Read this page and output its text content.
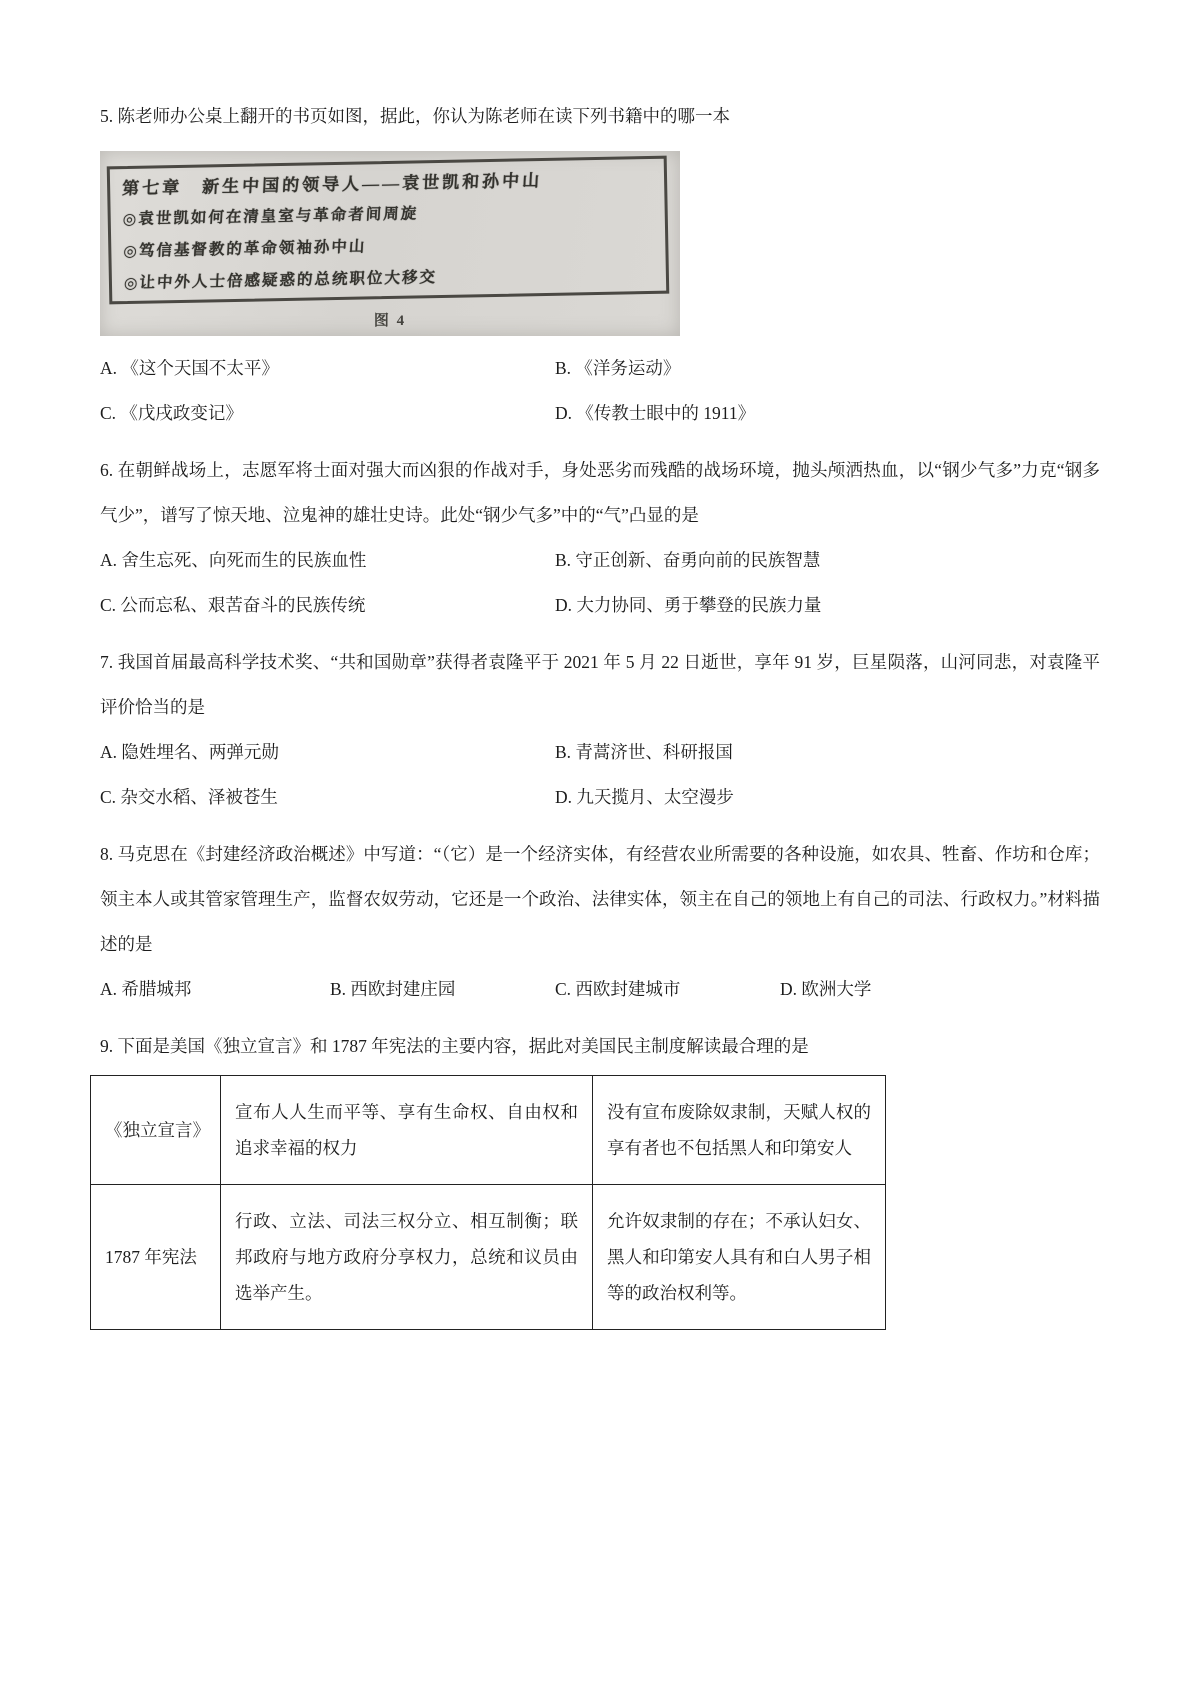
5. 陈老师办公桌上翻开的书页如图，据此，你认为陈老师在读下列书籍中的哪一本
第七章　新生中国的领导人——袁世凯和孙中山
◎袁世凯如何在清皇室与革命者间周旋
◎笃信基督教的革命领袖孙中山
◎让中外人士倍感疑惑的总统职位大移交
图 4
A. 《这个天国不太平》	B. 《洋务运动》
C. 《戊戌政变记》	D. 《传教士眼中的 1911》
6. 在朝鲜战场上，志愿军将士面对强大而凶狠的作战对手，身处恶劣而残酷的战场环境，抛头颅洒热血，以“钢少气多”力克“钢多气少”，谱写了惊天地、泣鬼神的雄壮史诗。此处“钢少气多”中的“气”凸显的是
A. 舍生忘死、向死而生的民族血性	B. 守正创新、奋勇向前的民族智慧
C. 公而忘私、艰苦奋斗的民族传统	D. 大力协同、勇于攀登的民族力量
7. 我国首届最高科学技术奖、“共和国勋章”获得者袁隆平于 2021 年 5 月 22 日逝世，享年 91 岁，巨星陨落，山河同悲，对袁隆平评价恰当的是
A. 隐姓埋名、两弹元勋	B. 青蒿济世、科研报国
C. 杂交水稻、泽被苍生	D. 九天揽月、太空漫步
8. 马克思在《封建经济政治概述》中写道：“（它）是一个经济实体，有经营农业所需要的各种设施，如农具、牲畜、作坊和仓库；领主本人或其管家管理生产，监督农奴劳动，它还是一个政治、法律实体，领主在自己的领地上有自己的司法、行政权力。”材料描述的是
A. 希腊城邦	B. 西欧封建庄园	C. 西欧封建城市	D. 欧洲大学
9. 下面是美国《独立宣言》和 1787 年宪法的主要内容，据此对美国民主制度解读最合理的是
《独立宣言》	宣布人人生而平等、享有生命权、自由权和追求幸福的权力	没有宣布废除奴隶制，天赋人权的享有者也不包括黑人和印第安人
1787 年宪法	行政、立法、司法三权分立、相互制衡；联邦政府与地方政府分享权力，总统和议员由选举产生。	允许奴隶制的存在；不承认妇女、黑人和印第安人具有和白人男子相等的政治权利等。
